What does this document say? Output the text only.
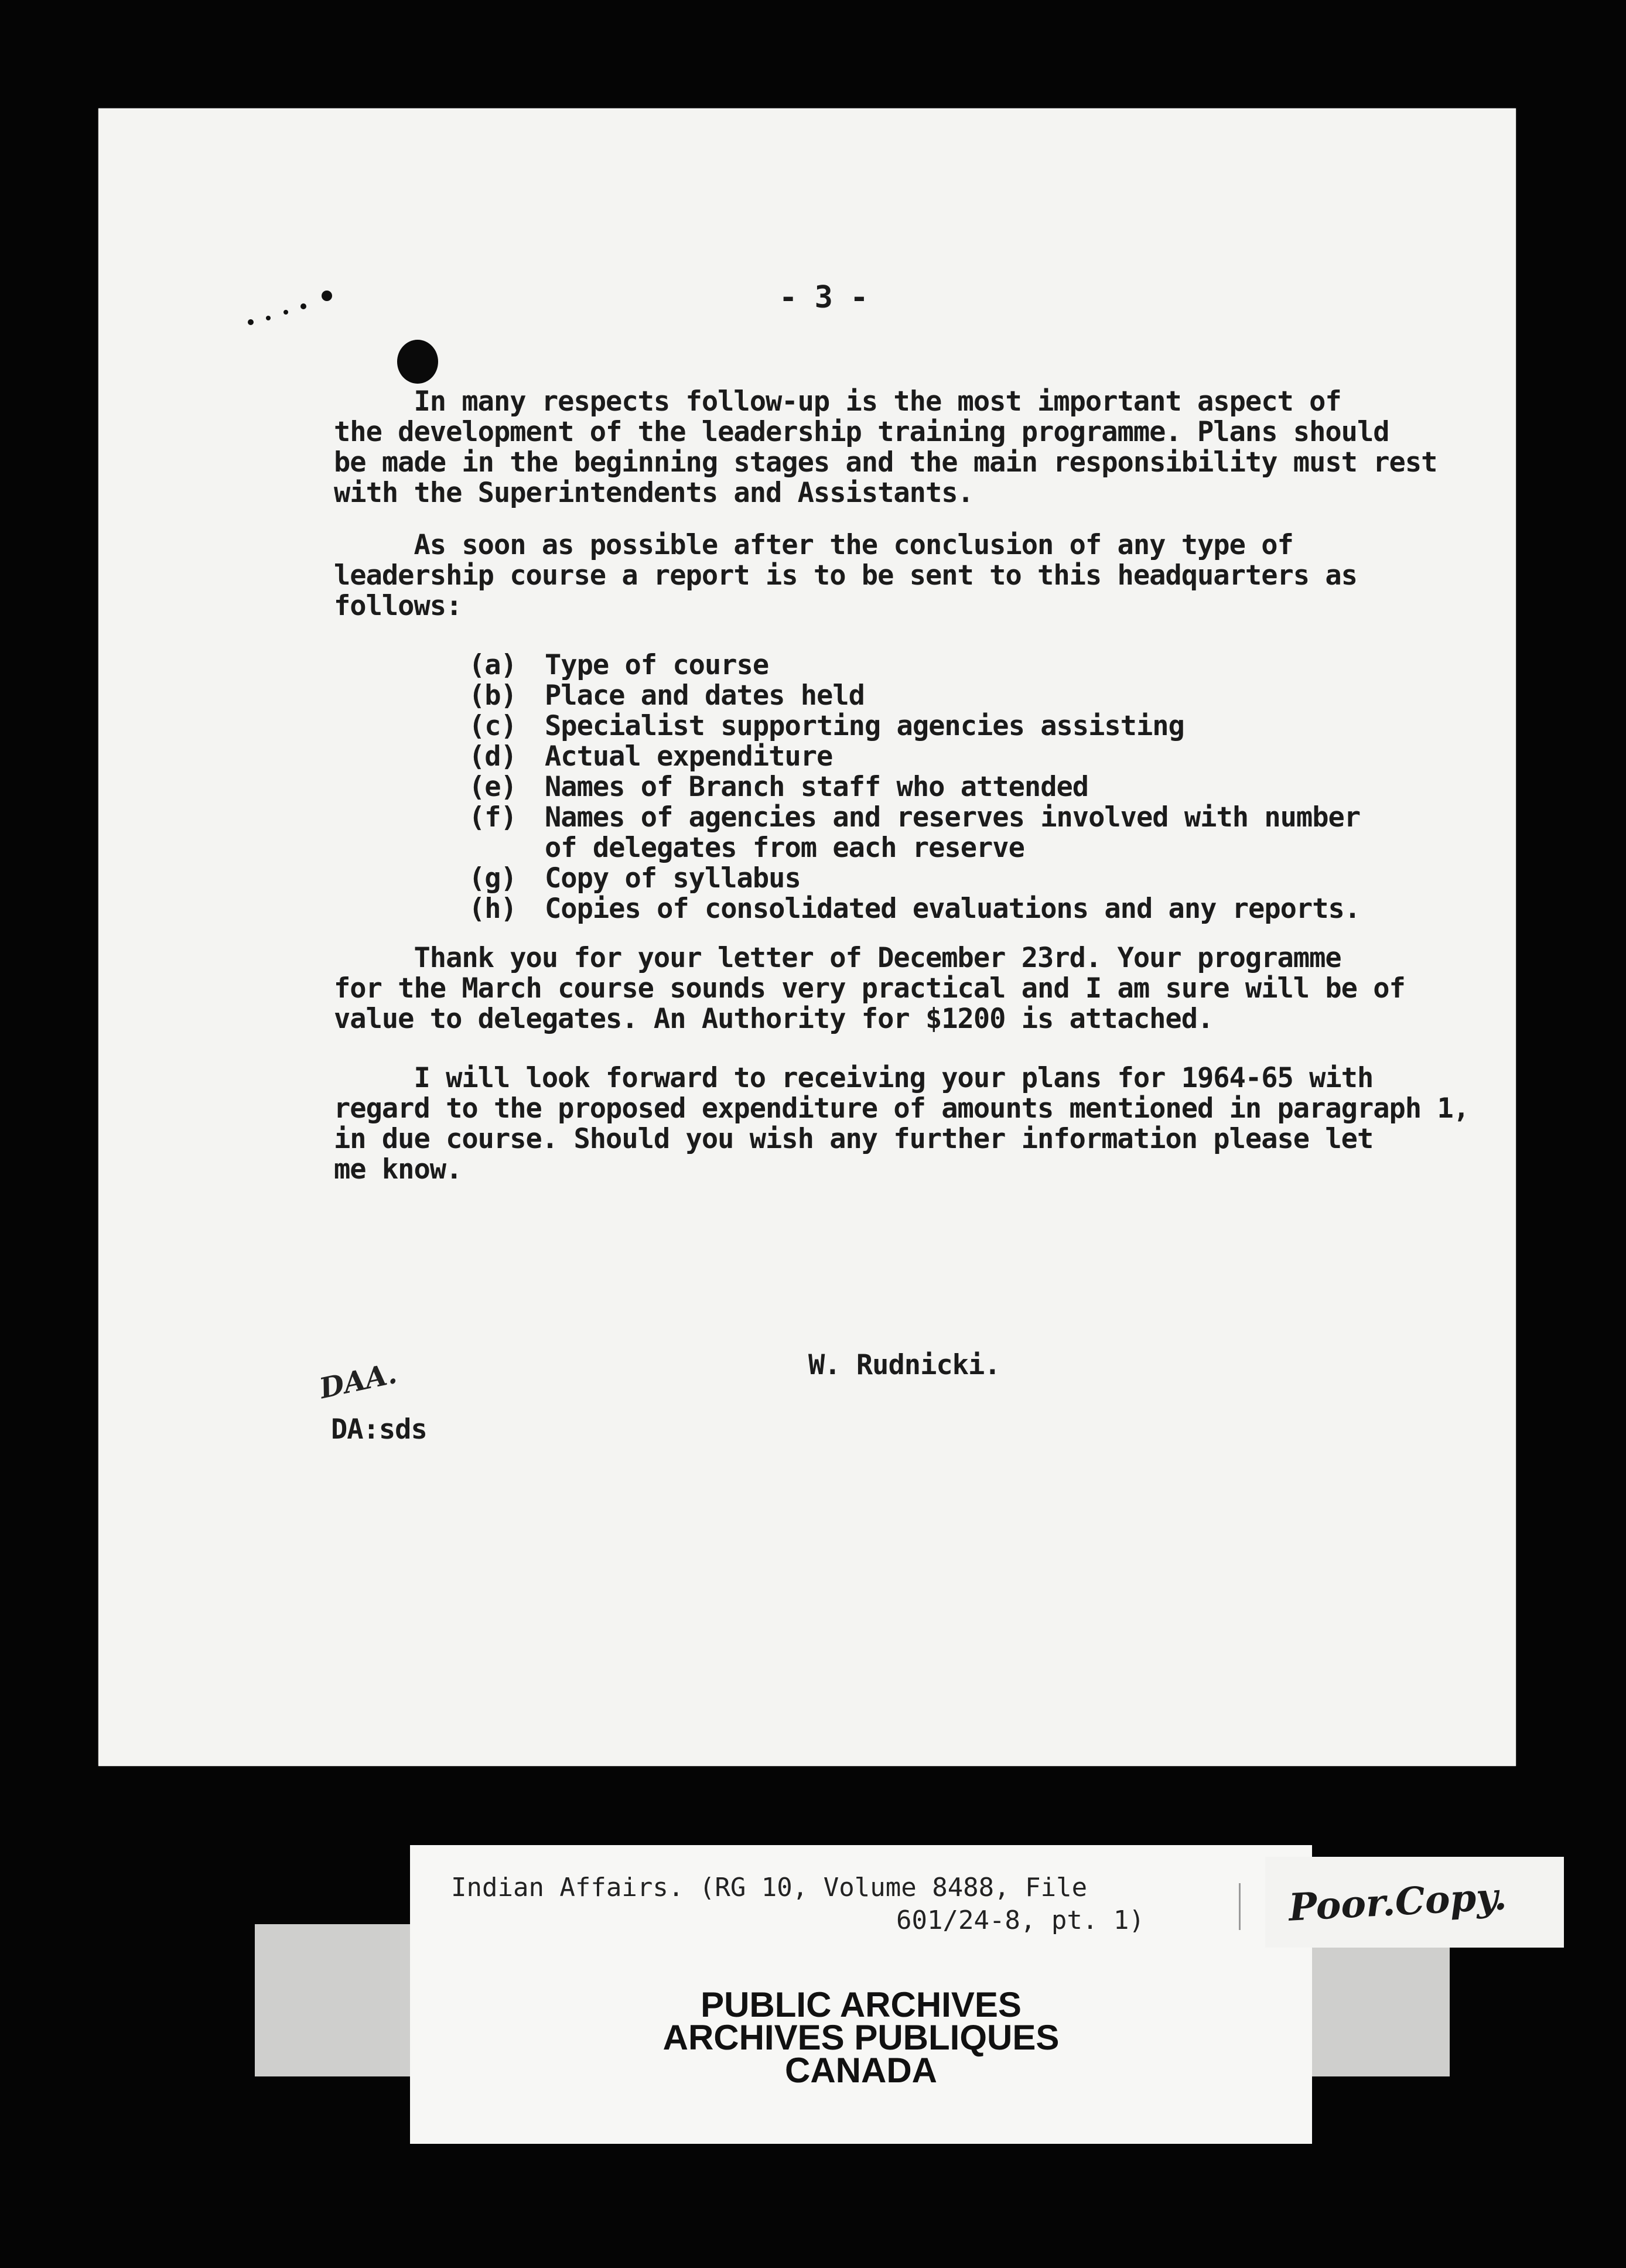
- 3 -
In many respects follow-up is the most important aspect of
the development of the leadership training programme. Plans should
be made in the beginning stages and the main responsibility must
with the Superintendents and Assistants.
As soon as possible after the conclusion of any type of
leadership course a report is to be sent to this headquarters as
follows:
(a) Type of course
(b) Place and dates held
(c) Specialist supporting agencies assisting
(d) Actual expenditure
(e) Names of Branch staff who attended
(f) Names of agencies and reserves involved with number
of delegates from each reserve
(g) Copy of syllabus
(h) Copies of consolidated evaluations and any reports.
Thank you for your letter of December 23rd. Your programme
for the March course sounds very practical and I am sure will be
value to delegates. An Authority for $1200 is attached.
I will look forward to receiving your plans for 1964-65 with
regard to the proposed expenditure of amounts mentioned in paragraph
in due course. Should you wish any further information please let
me know.
W. Rudnicki.
DAA.
DA:sds
Indian Affairs. (RG 10, Volume 8488, File
601/24-8, pt. 1)
PUBLIC ARCHIVES
ARCHIVES PUBLIQUES
CANADA
Poor.Copy.
